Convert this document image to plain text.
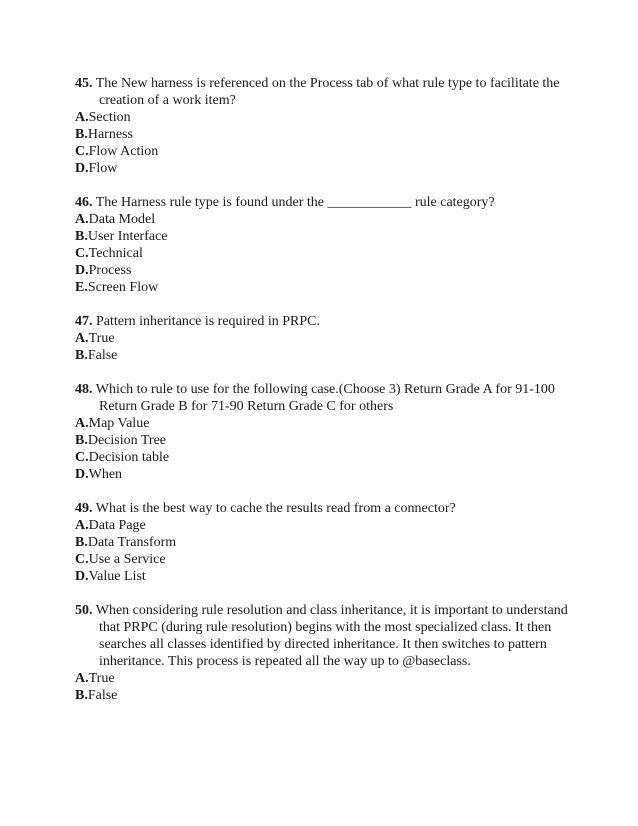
45. The New harness is referenced on the Process tab of what rule type to facilitate the creation of a work item?
A.Section
B.Harness
C.Flow Action
D.Flow
46. The Harness rule type is found under the ____________ rule category?
A.Data Model
B.User Interface
C.Technical
D.Process
E.Screen Flow
47. Pattern inheritance is required in PRPC.
A.True
B.False
48. Which to rule to use for the following case.(Choose 3) Return Grade A for 91-100 Return Grade B for 71-90 Return Grade C for others
A.Map Value
B.Decision Tree
C.Decision table
D.When
49. What is the best way to cache the results read from a connector?
A.Data Page
B.Data Transform
C.Use a Service
D.Value List
50. When considering rule resolution and class inheritance, it is important to understand that PRPC (during rule resolution) begins with the most specialized class. It then searches all classes identified by directed inheritance. It then switches to pattern inheritance. This process is repeated all the way up to @baseclass.
A.True
B.False
